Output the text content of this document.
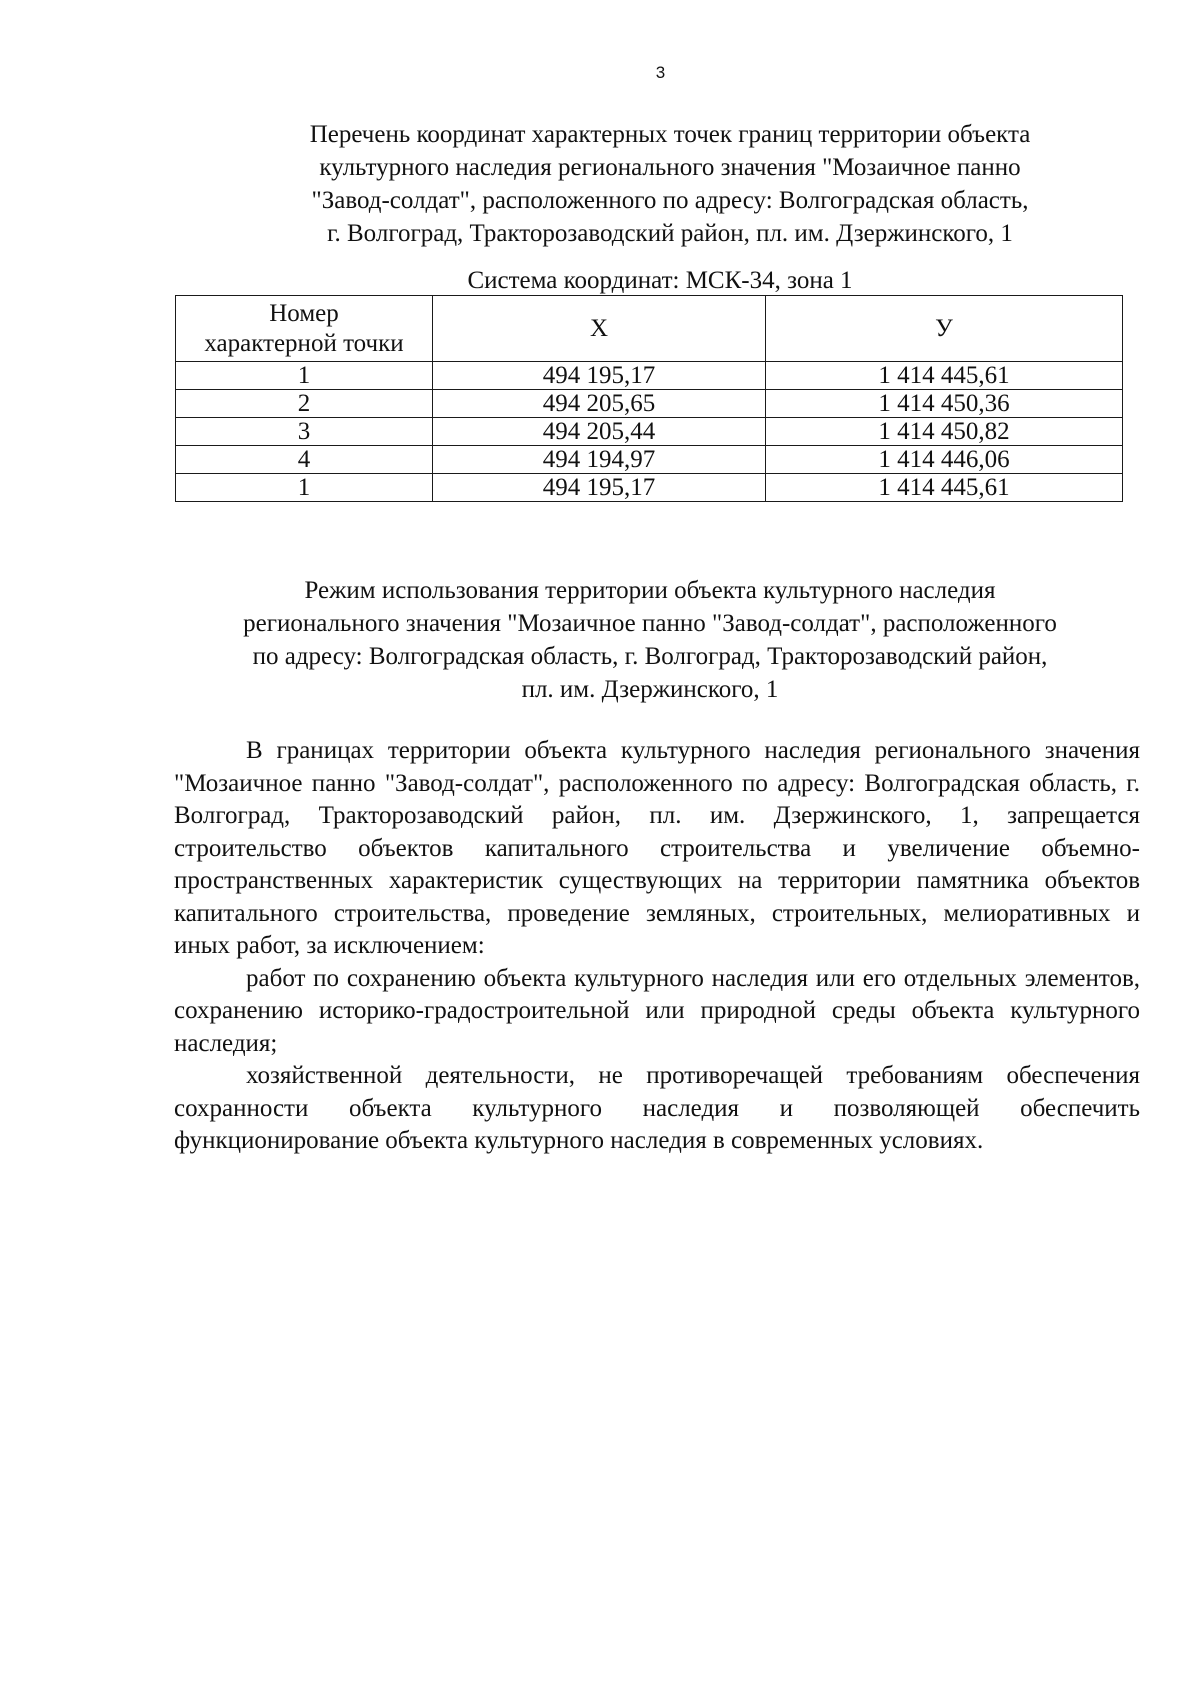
3
Перечень координат характерных точек границ территории объекта
культурного наследия регионального значения "Мозаичное панно
"Завод-солдат", расположенного по адресу: Волгоградская область,
г. Волгоград, Тракторозаводский район, пл. им. Дзержинского, 1
Система координат: МСК-34, зона 1
Номер
характерной точки	X	У
1	494 195,17	1 414 445,61
2	494 205,65	1 414 450,36
3	494 205,44	1 414 450,82
4	494 194,97	1 414 446,06
1	494 195,17	1 414 445,61
Режим использования территории объекта культурного наследия
регионального значения "Мозаичное панно "Завод-солдат", расположенного
по адресу: Волгоградская область, г. Волгоград, Тракторозаводский район,
пл. им. Дзержинского, 1

В границах территории объекта культурного наследия регионального значения "Мозаичное панно "Завод-солдат", расположенного по адресу: Волгоградская область, г. Волгоград, Тракторозаводский район, пл. им. Дзержинского, 1, запрещается строительство объектов капитального строительства и увеличение объемно-пространственных характеристик существующих на территории памятника объектов капитального строительства, проведение земляных, строительных, мелиоративных и иных работ, за исключением:

работ по сохранению объекта культурного наследия или его отдельных элементов, сохранению историко-градостроительной или природной среды объекта культурного наследия;

хозяйственной деятельности, не противоречащей требованиям обеспечения сохранности объекта культурного наследия и позволяющей обеспечить функционирование объекта культурного наследия в современных условиях.
